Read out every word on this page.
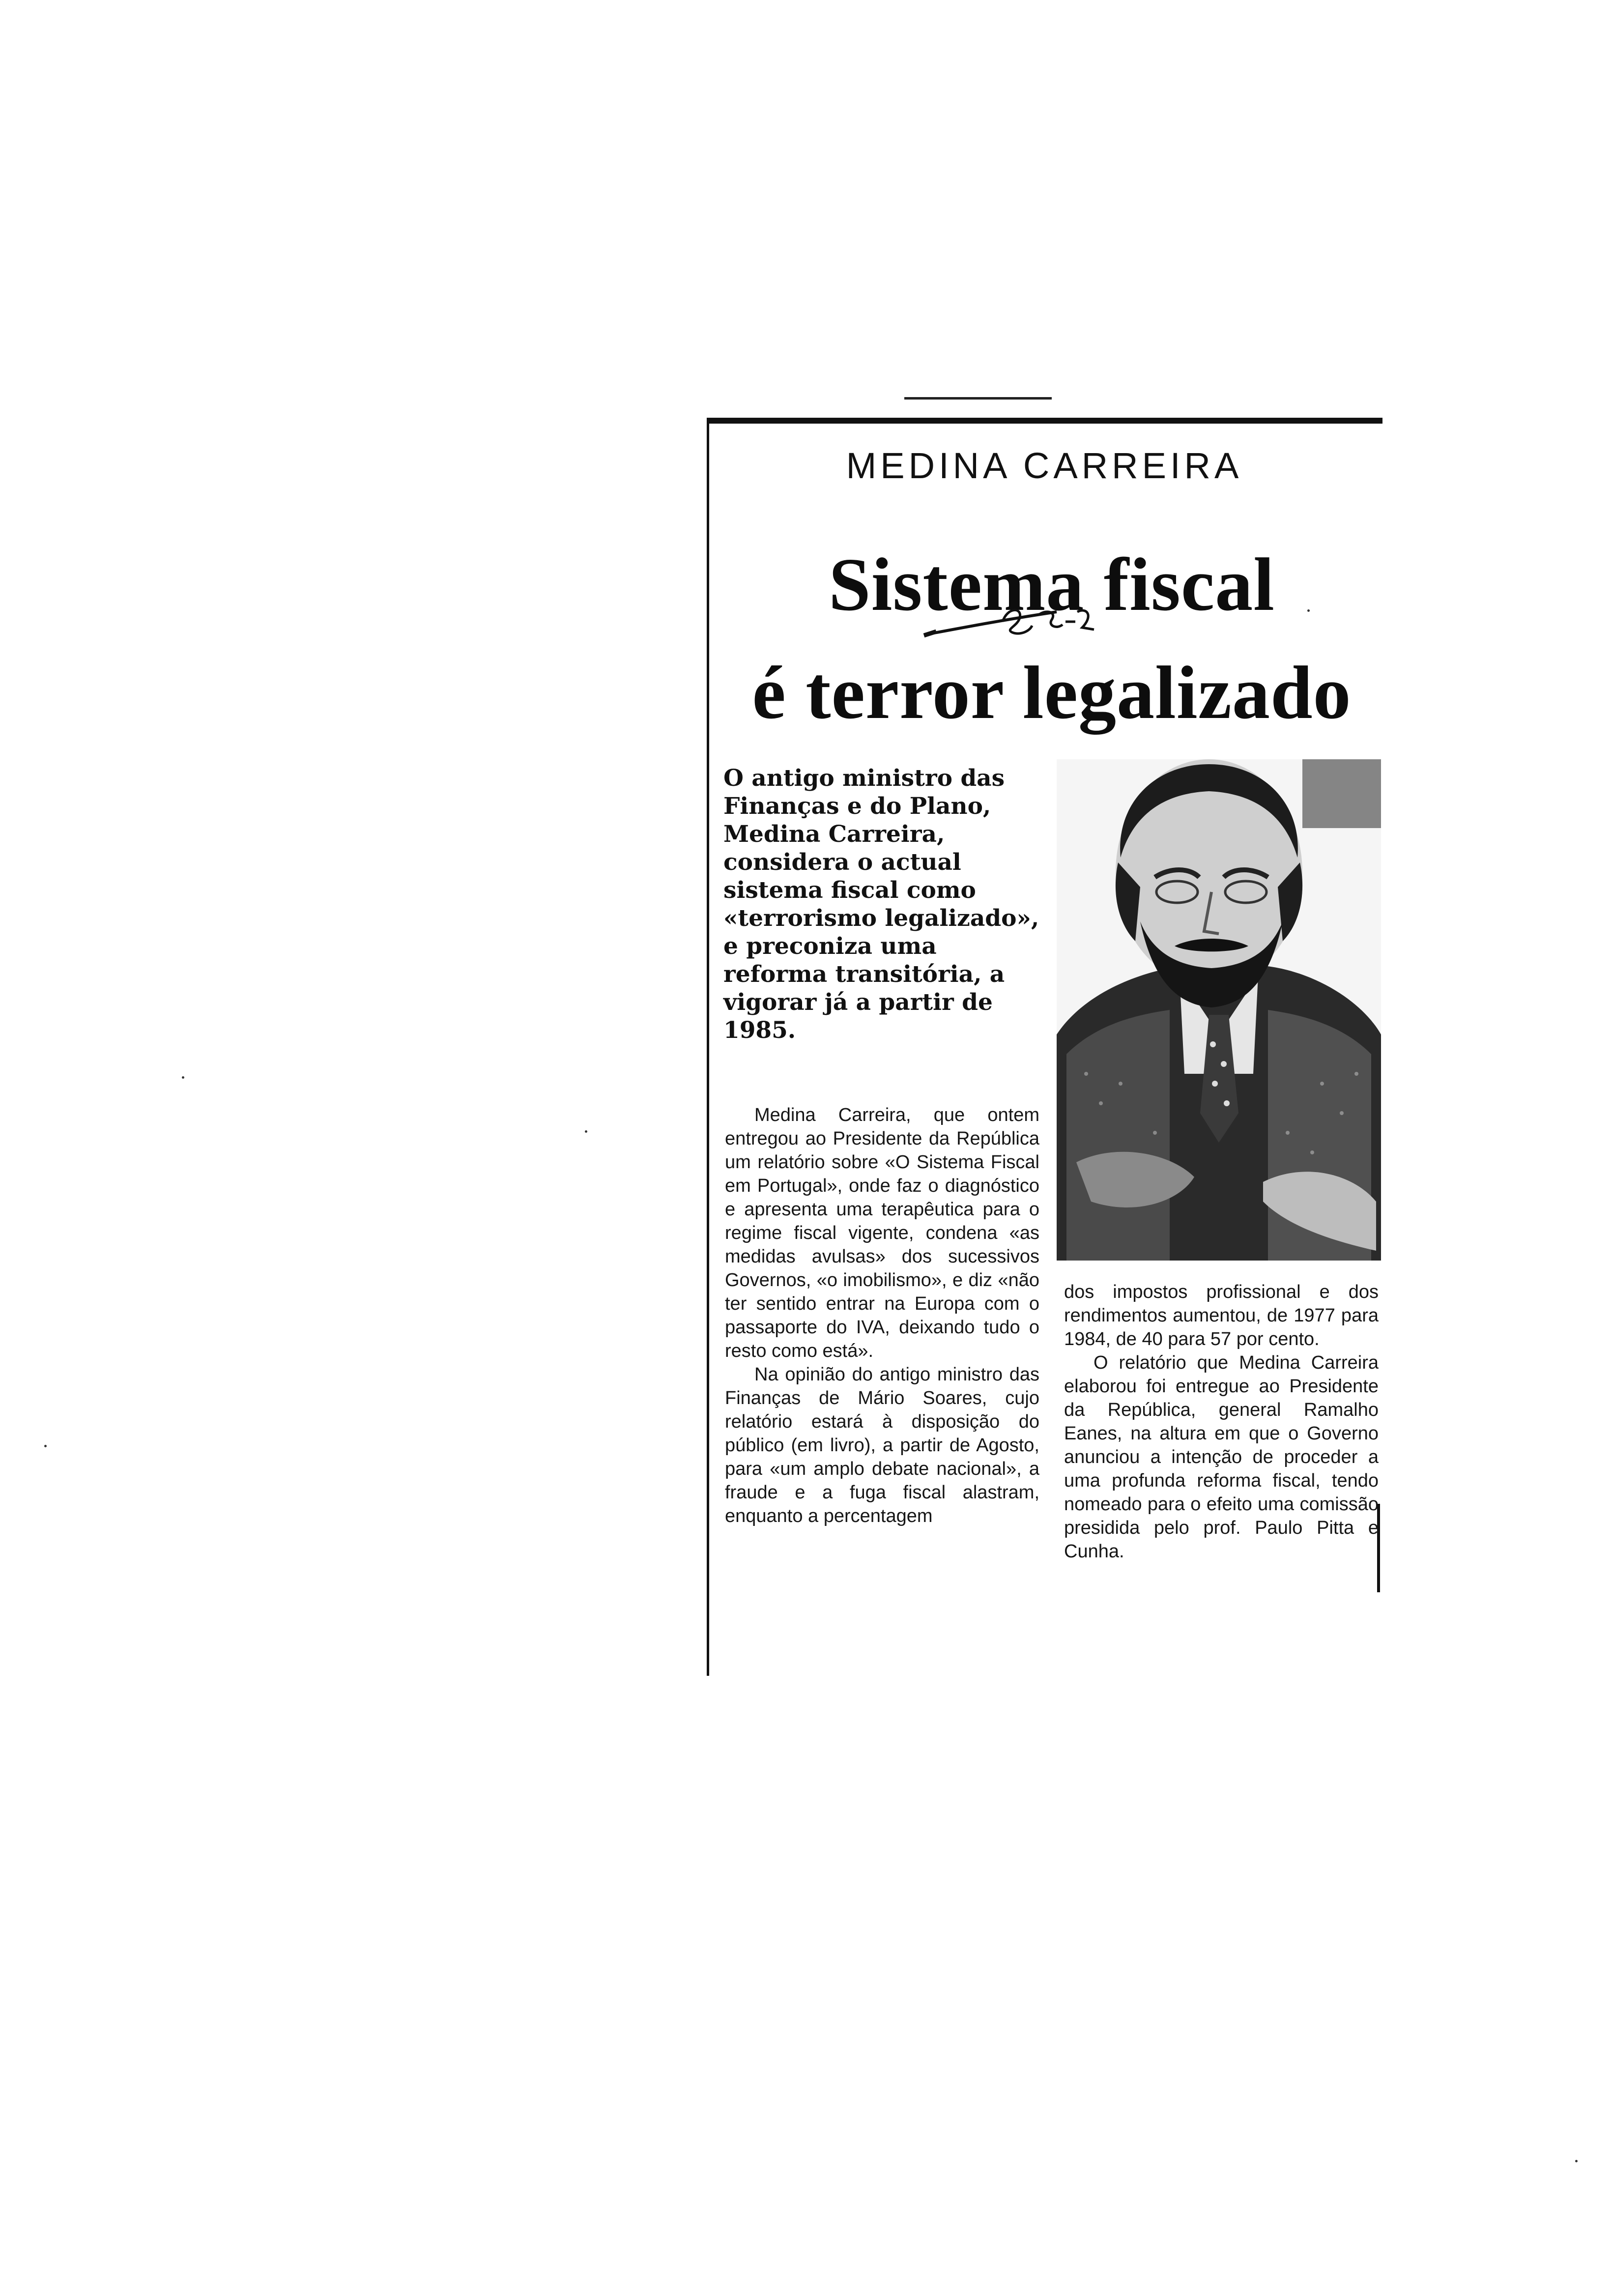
MEDINA CARREIRA
Sistema fiscal
é terror legalizado
O antigo ministro das Finanças e do Plano, Medina Carreira, considera o actual sistema fiscal como «terrorismo legalizado», e preconiza uma reforma transitória, a vigorar já a partir de 1985.

Medina Carreira, que ontem entregou ao Presidente da República um relatório sobre «O Sistema Fiscal em Portugal», onde faz o diagnóstico e apresenta uma terapêutica para o regime fiscal vigente, condena «as medidas avulsas» dos sucessivos Governos, «o imobilismo», e diz «não ter sentido entrar na Europa com o passaporte do IVA, deixando tudo o resto como está».

Na opinião do antigo ministro das Finanças de Mário Soares, cujo relatório estará à disposição do público (em livro), a partir de Agosto, para «um amplo debate nacional», a fraude e a fuga fiscal alastram, enquanto a percentagem

dos impostos profissional e dos rendimentos aumentou, de 1977 para 1984, de 40 para 57 por cento.

O relatório que Medina Carreira elaborou foi entregue ao Presidente da República, general Ramalho Eanes, na altura em que o Governo anunciou a intenção de proceder a uma profunda reforma fiscal, tendo nomeado para o efeito uma comissão presidida pelo prof. Paulo Pitta e Cunha.
